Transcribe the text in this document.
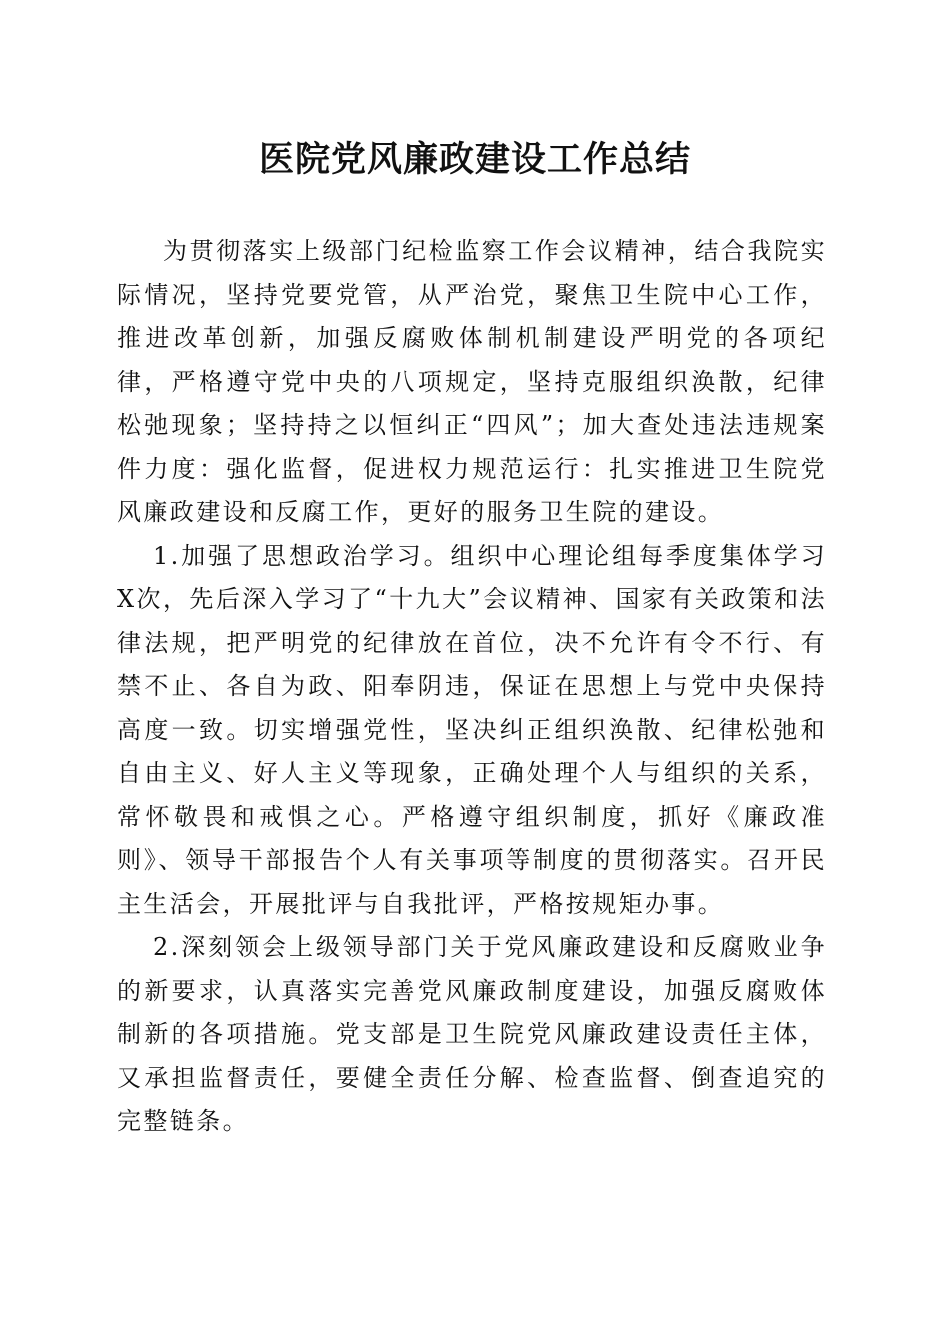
医院党风廉政建设工作总结

为贯彻落实上级部门纪检监察工作会议精神，结合我院实际情况，坚持党要党管，从严治党，聚焦卫生院中心工作，推进改革创新，加强反腐败体制机制建设严明党的各项纪律，严格遵守党中央的八项规定，坚持克服组织涣散，纪律松弛现象；坚持持之以恒纠正“四风”；加大查处违法违规案件力度：强化监督，促进权力规范运行：扎实推进卫生院党风廉政建设和反腐工作，更好的服务卫生院的建设。

1.加强了思想政治学习。组织中心理论组每季度集体学习X次，先后深入学习了“十九大”会议精神、国家有关政策和法律法规，把严明党的纪律放在首位，决不允许有令不行、有禁不止、各自为政、阳奉阴违，保证在思想上与党中央保持高度一致。切实增强党性，坚决纠正组织涣散、纪律松弛和自由主义、好人主义等现象，正确处理个人与组织的关系，常怀敬畏和戒惧之心。严格遵守组织制度，抓好《廉政准则》、领导干部报告个人有关事项等制度的贯彻落实。召开民主生活会，开展批评与自我批评，严格按规矩办事。

2.深刻领会上级领导部门关于党风廉政建设和反腐败业争的新要求，认真落实完善党风廉政制度建设，加强反腐败体制新的各项措施。党支部是卫生院党风廉政建设责任主体，又承担监督责任，要健全责任分解、检查监督、倒查追究的完整链条。
